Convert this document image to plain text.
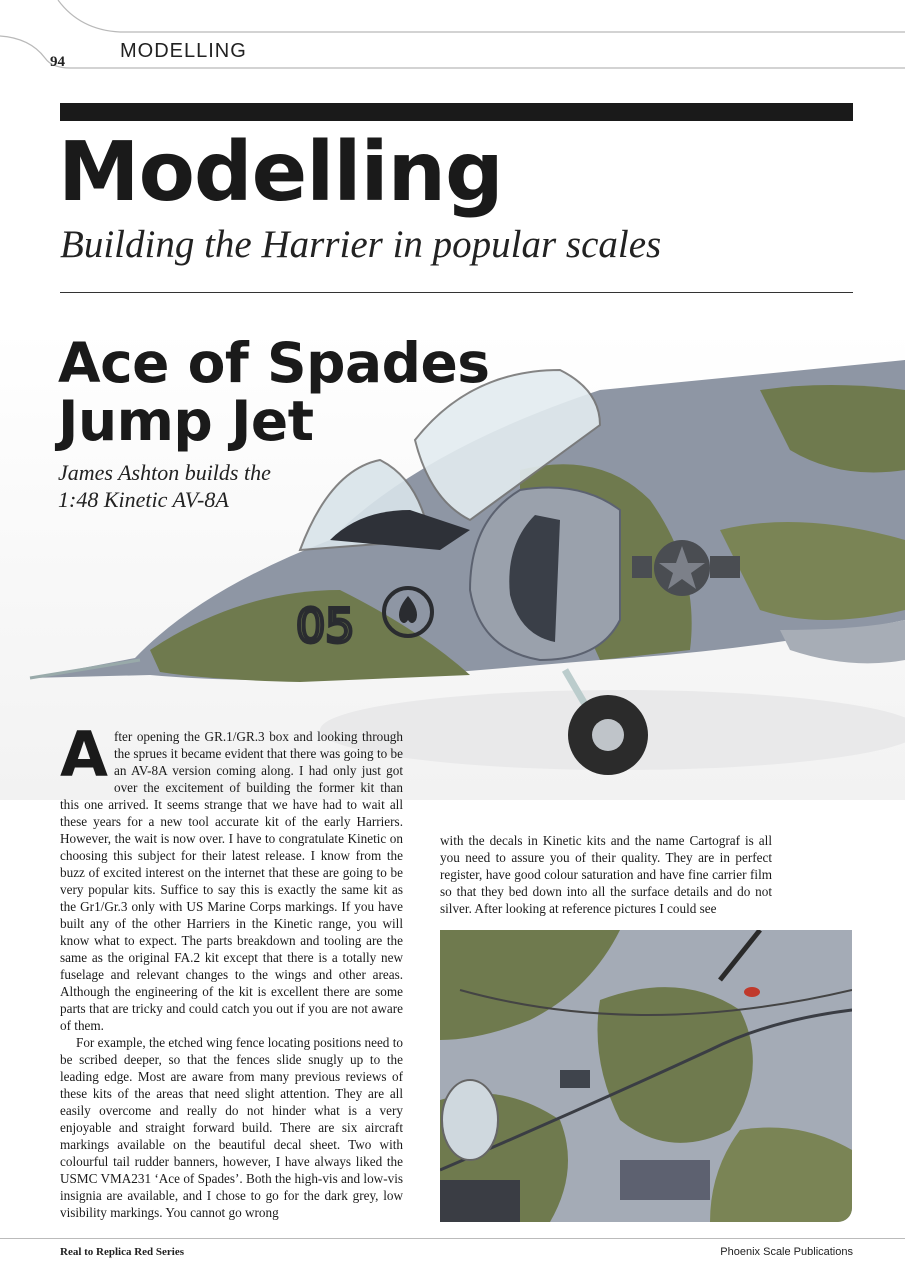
94	MODELLING
Modelling
Building the Harrier in popular scales
05
Ace of Spades
Jump Jet
James Ashton builds the
1:48 Kinetic AV-8A

After opening the GR.1/GR.3 box and looking through the sprues it became evident that there was going to be an AV-8A version coming along. I had only just got over the excitement of building the former kit than this one arrived. It seems strange that we have had to wait all these years for a new tool accurate kit of the early Harriers. However, the wait is now over. I have to congratulate Kinetic on choosing this subject for their latest release. I know from the buzz of excited interest on the internet that these are going to be very popular kits. Suffice to say this is exactly the same kit as the Gr1/Gr.3 only with US Marine Corps markings. If you have built any of the other Harriers in the Kinetic range, you will know what to expect. The parts breakdown and tooling are the same as the original FA.2 kit except that there is a totally new fuselage and relevant changes to the wings and other areas. Although the engineering of the kit is excellent there are some parts that are tricky and could catch you out if you are not aware of them.

For example, the etched wing fence locating positions need to be scribed deeper, so that the fences slide snugly up to the leading edge. Most are aware from many previous reviews of these kits of the areas that need slight attention. They are all easily overcome and really do not hinder what is a very enjoyable and straight forward build. There are six aircraft markings available on the beautiful decal sheet. Two with colourful tail rudder banners, however, I have always liked the USMC VMA231 ‘Ace of Spades’. Both the high-vis and low-vis insignia are available, and I chose to go for the dark grey, low visibility markings. You cannot go wrong

with the decals in Kinetic kits and the name Cartograf is all you need to assure you of their quality. They are in perfect register, have good colour saturation and have fine carrier film so that they bed down into all the surface details and do not silver. After looking at reference pictures I could see

Real to Replica Red Series	Phoenix Scale Publications
